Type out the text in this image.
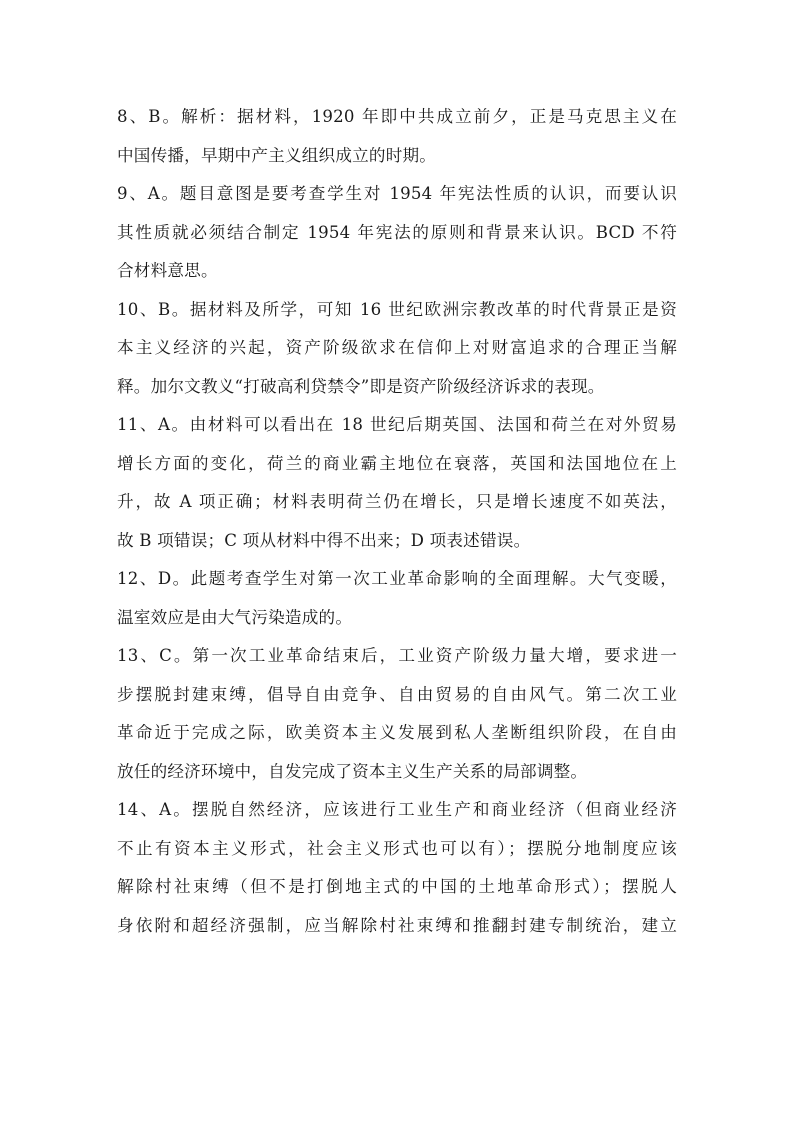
8、B。解析：据材料，1920 年即中共成立前夕，正是马克思主义在
中国传播，早期中产主义组织成立的时期。

9、A。题目意图是要考查学生对 1954 年宪法性质的认识，而要认识
其性质就必须结合制定 1954 年宪法的原则和背景来认识。BCD 不符
合材料意思。

10、B。据材料及所学，可知 16 世纪欧洲宗教改革的时代背景正是资
本主义经济的兴起，资产阶级欲求在信仰上对财富追求的合理正当解
释。加尔文教义“打破高利贷禁令”即是资产阶级经济诉求的表现。

11、A。由材料可以看出在 18 世纪后期英国、法国和荷兰在对外贸易
增长方面的变化，荷兰的商业霸主地位在衰落，英国和法国地位在上
升，故 A 项正确；材料表明荷兰仍在增长，只是增长速度不如英法，
故 B 项错误；C 项从材料中得不出来；D 项表述错误。

12、D。此题考查学生对第一次工业革命影响的全面理解。大气变暖，
温室效应是由大气污染造成的。

13、C。第一次工业革命结束后，工业资产阶级力量大增，要求进一
步摆脱封建束缚，倡导自由竞争、自由贸易的自由风气。第二次工业
革命近于完成之际，欧美资本主义发展到私人垄断组织阶段，在自由
放任的经济环境中，自发完成了资本主义生产关系的局部调整。

14、A。摆脱自然经济，应该进行工业生产和商业经济（但商业经济
不止有资本主义形式，社会主义形式也可以有）；摆脱分地制度应该
解除村社束缚（但不是打倒地主式的中国的土地革命形式）；摆脱人
身依附和超经济强制，应当解除村社束缚和推翻封建专制统治，建立
